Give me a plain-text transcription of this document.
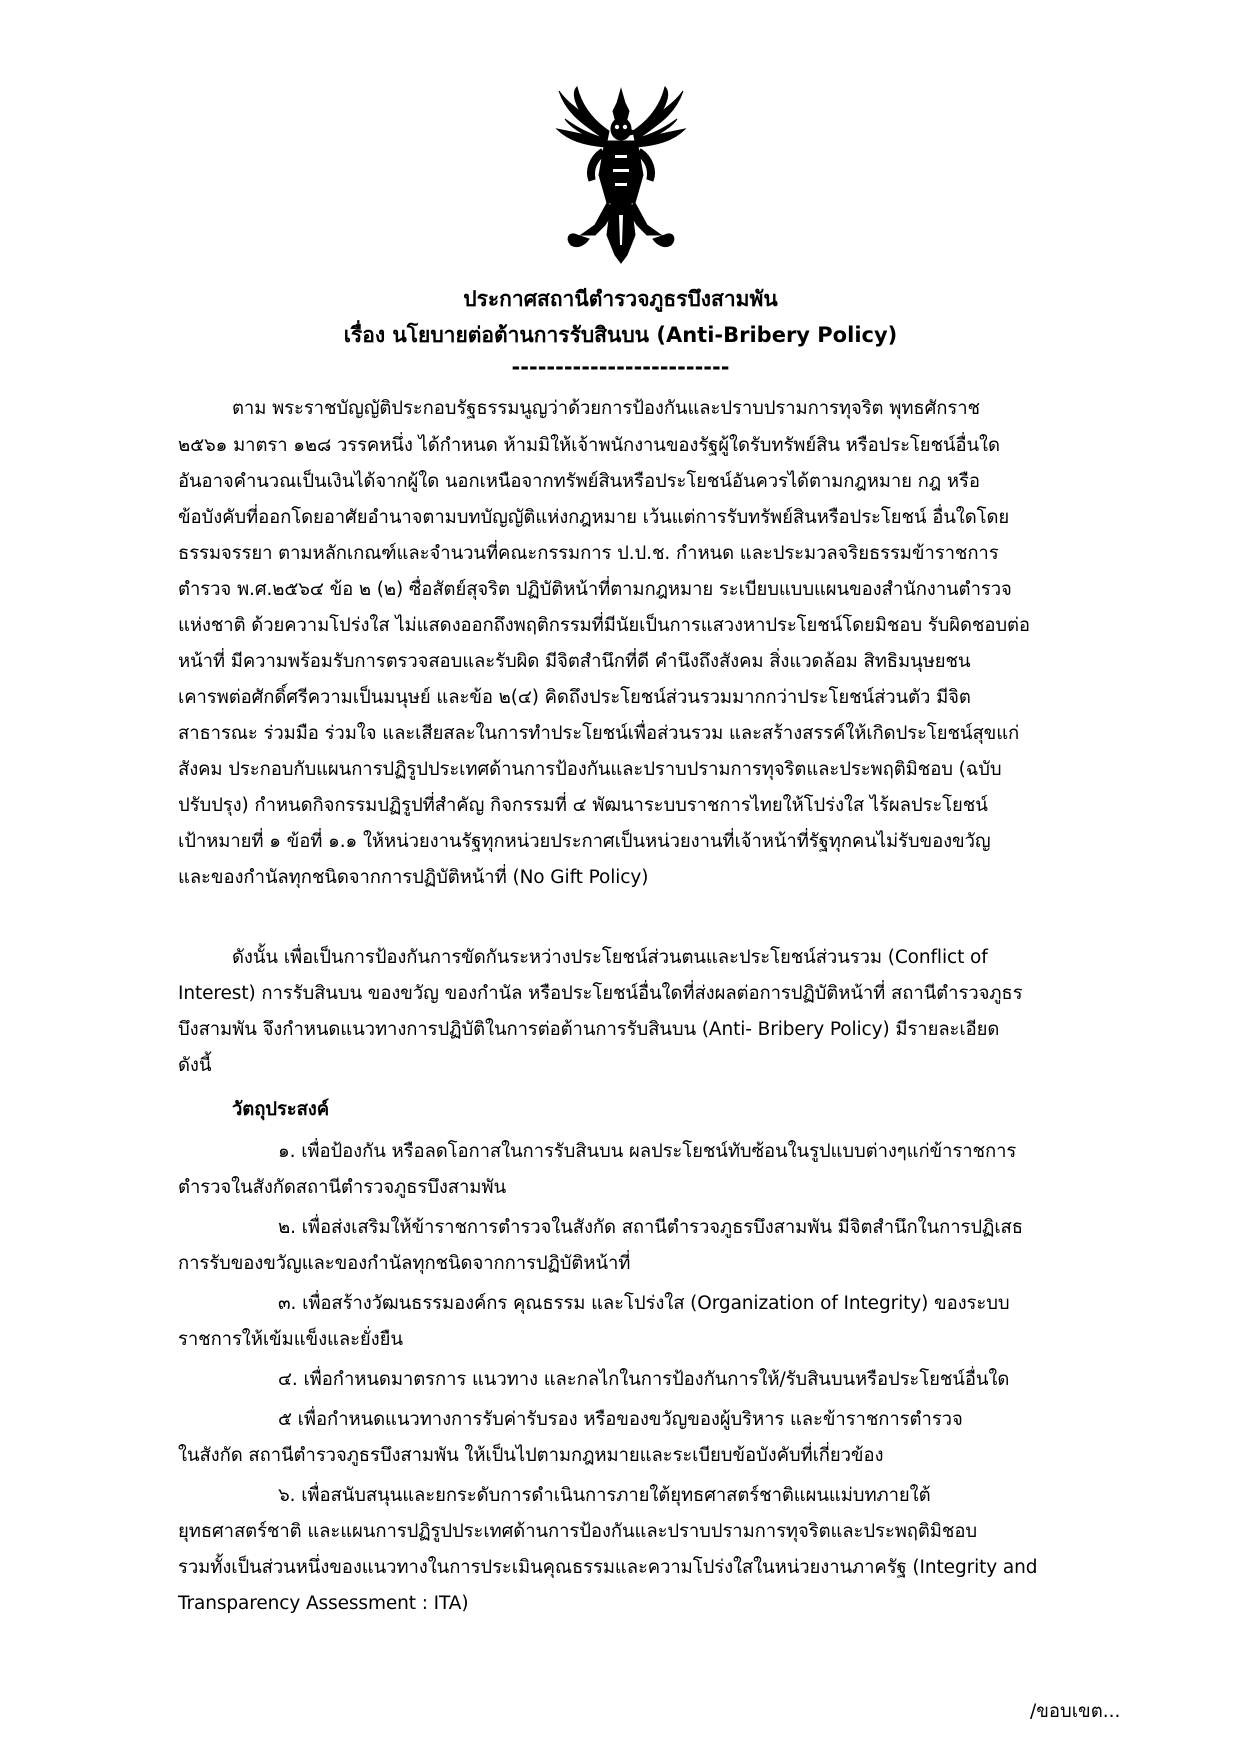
ประกาศสถานีตำรวจภูธรบึงสามพัน
เรื่อง นโยบายต่อต้านการรับสินบน (Anti-Bribery Policy)
-------------------------
ตาม พระราชบัญญัติประกอบรัฐธรรมนูญว่าด้วยการป้องกันและปราบปรามการทุจริต พุทธศักราช
๒๕๖๑ มาตรา ๑๒๘ วรรคหนึ่ง ได้กำหนด ห้ามมิให้เจ้าพนักงานของรัฐผู้ใดรับทรัพย์สิน หรือประโยชน์อื่นใด
อันอาจคำนวณเป็นเงินได้จากผู้ใด นอกเหนือจากทรัพย์สินหรือประโยชน์อันควรได้ตามกฎหมาย กฎ หรือ
ข้อบังคับที่ออกโดยอาศัยอำนาจตามบทบัญญัติแห่งกฎหมาย เว้นแต่การรับทรัพย์สินหรือประโยชน์ อื่นใดโดย
ธรรมจรรยา ตามหลักเกณฑ์และจำนวนที่คณะกรรมการ ป.ป.ช. กำหนด และประมวลจริยธรรมข้าราชการ
ตำรวจ พ.ศ.๒๕๖๔ ข้อ ๒ (๒) ซื่อสัตย์สุจริต ปฏิบัติหน้าที่ตามกฎหมาย ระเบียบแบบแผนของสำนักงานตำรวจ
แห่งชาติ ด้วยความโปร่งใส ไม่แสดงออกถึงพฤติกรรมที่มีนัยเป็นการแสวงหาประโยชน์โดยมิชอบ รับผิดชอบต่อ
หน้าที่ มีความพร้อมรับการตรวจสอบและรับผิด มีจิตสำนึกที่ดี คำนึงถึงสังคม สิ่งแวดล้อม สิทธิมนุษยชน
เคารพต่อศักดิ์ศรีความเป็นมนุษย์ และข้อ ๒(๔) คิดถึงประโยชน์ส่วนรวมมากกว่าประโยชน์ส่วนตัว มีจิต
สาธารณะ ร่วมมือ ร่วมใจ และเสียสละในการทำประโยชน์เพื่อส่วนรวม และสร้างสรรค์ให้เกิดประโยชน์สุขแก่
สังคม ประกอบกับแผนการปฏิรูปประเทศด้านการป้องกันและปราบปรามการทุจริตและประพฤติมิชอบ (ฉบับ
ปรับปรุง) กำหนดกิจกรรมปฏิรูปที่สำคัญ กิจกรรมที่ ๔ พัฒนาระบบราชการไทยให้โปร่งใส ไร้ผลประโยชน์
เป้าหมายที่ ๑ ข้อที่ ๑.๑ ให้หน่วยงานรัฐทุกหน่วยประกาศเป็นหน่วยงานที่เจ้าหน้าที่รัฐทุกคนไม่รับของขวัญ
และของกำนัลทุกชนิดจากการปฏิบัติหน้าที่ (No Gift Policy)
ดังนั้น เพื่อเป็นการป้องกันการขัดกันระหว่างประโยชน์ส่วนตนและประโยชน์ส่วนรวม (Conflict of
Interest) การรับสินบน ของขวัญ ของกำนัล หรือประโยชน์อื่นใดที่ส่งผลต่อการปฏิบัติหน้าที่ สถานีตำรวจภูธร
บึงสามพัน จึงกำหนดแนวทางการปฏิบัติในการต่อต้านการรับสินบน (Anti- Bribery Policy) มีรายละเอียด
ดังนี้
วัตถุประสงค์
๑. เพื่อป้องกัน หรือลดโอกาสในการรับสินบน ผลประโยชน์ทับซ้อนในรูปแบบต่างๆแก่ข้าราชการ
ตำรวจในสังกัดสถานีตำรวจภูธรบึงสามพัน
๒. เพื่อส่งเสริมให้ข้าราชการตำรวจในสังกัด สถานีตำรวจภูธรบึงสามพัน มีจิตสำนึกในการปฏิเสธ
การรับของขวัญและของกำนัลทุกชนิดจากการปฏิบัติหน้าที่
๓. เพื่อสร้างวัฒนธรรมองค์กร คุณธรรม และโปร่งใส (Organization of Integrity) ของระบบ
ราชการให้เข้มแข็งและยั่งยืน
๔. เพื่อกำหนดมาตรการ แนวทาง และกลไกในการป้องกันการให้/รับสินบนหรือประโยชน์อื่นใด
๕ เพื่อกำหนดแนวทางการรับค่ารับรอง หรือของขวัญของผู้บริหาร และข้าราชการตำรวจ
ในสังกัด สถานีตำรวจภูธรบึงสามพัน ให้เป็นไปตามกฎหมายและระเบียบข้อบังคับที่เกี่ยวข้อง
๖. เพื่อสนับสนุนและยกระดับการดำเนินการภายใต้ยุทธศาสตร์ชาติแผนแม่บทภายใต้
ยุทธศาสตร์ชาติ และแผนการปฏิรูปประเทศด้านการป้องกันและปราบปรามการทุจริตและประพฤติมิชอบ
รวมทั้งเป็นส่วนหนึ่งของแนวทางในการประเมินคุณธรรมและความโปร่งใสในหน่วยงานภาครัฐ (Integrity and
Transparency Assessment : ITA)
/ขอบเขต...
